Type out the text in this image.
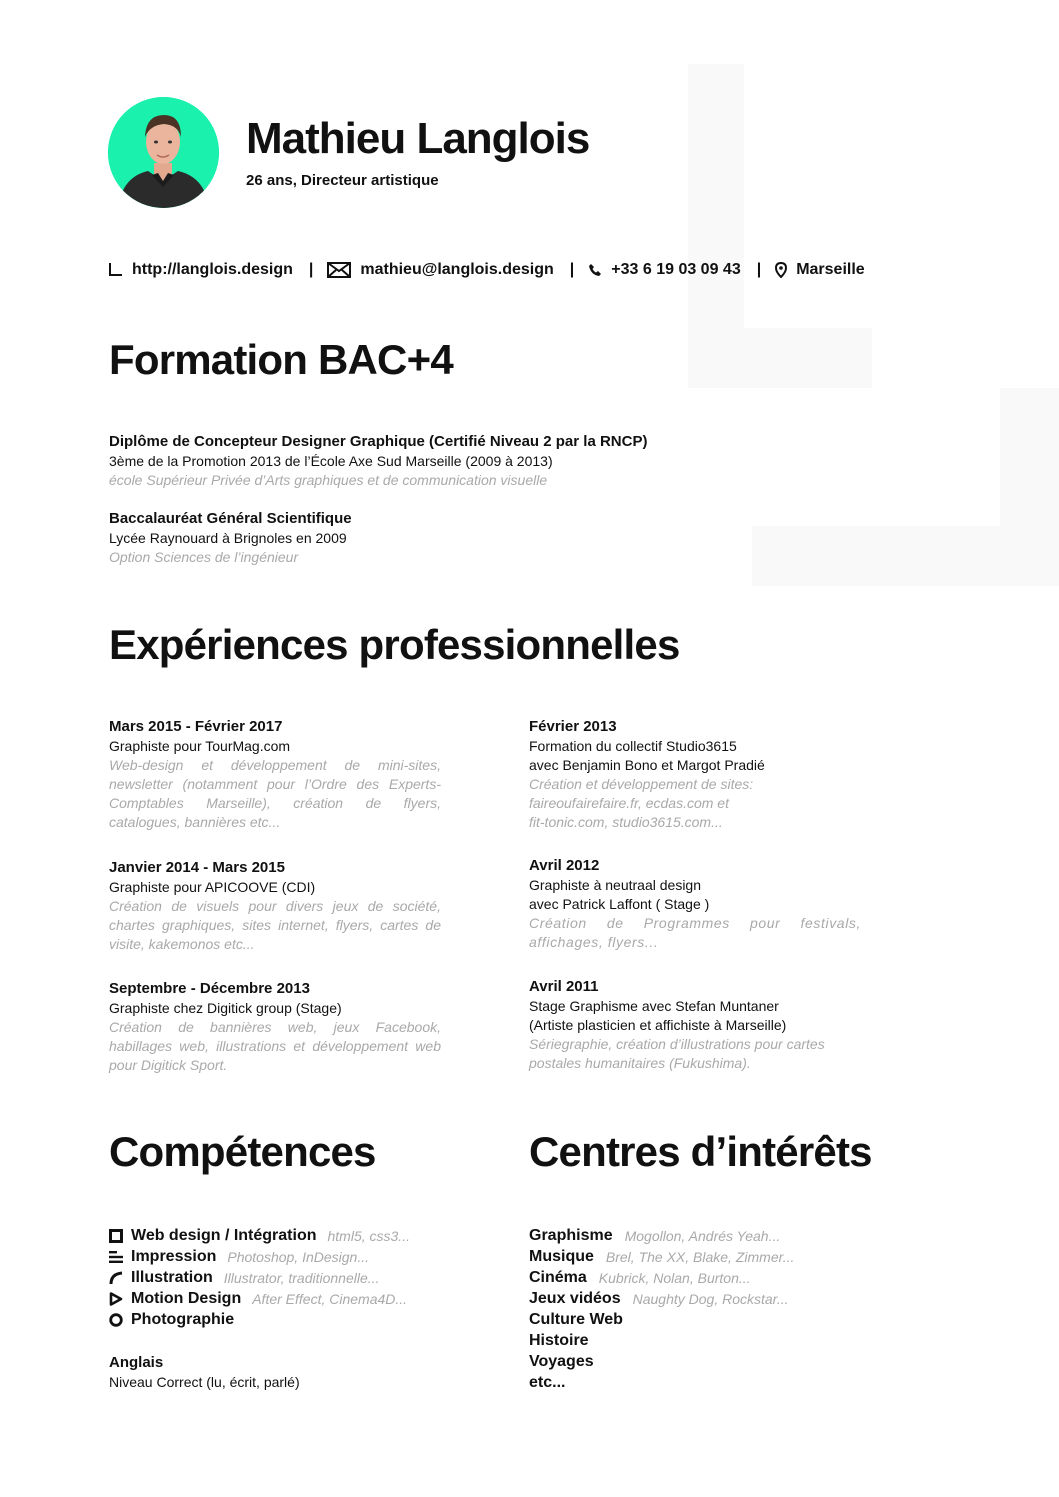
Mathieu Langlois
26 ans, Directeur artistique
http://langlois.design |	mathieu@langlois.design | +33 6 19 03 09 43 | Marseille
Formation BAC+4
Diplôme de Concepteur Designer Graphique (Certifié Niveau 2 par la RNCP)
3ème de la Promotion 2013 de l’École Axe Sud Marseille (2009 à 2013)
école Supérieur Privée d’Arts graphiques et de communication visuelle
Baccalauréat Général Scientifique
Lycée Raynouard à Brignoles en 2009
Option Sciences de l’ingénieur
Expériences professionnelles
Mars 2015 - Février 2017
Graphiste pour TourMag.com
Web-design et développement de mini-sites, newsletter (notamment pour l’Ordre des Experts-Comptables Marseille), création de flyers, catalogues, bannières etc...
Janvier 2014 - Mars 2015
Graphiste pour APICOOVE (CDI)
Création de visuels pour divers jeux de société, chartes graphiques, sites internet, flyers, cartes de visite, kakemonos etc...
Septembre - Décembre 2013
Graphiste chez Digitick group (Stage)
Création de bannières web, jeux Facebook, habillages web, illustrations et développement web pour Digitick Sport.
Février 2013
Formation du collectif Studio3615
avec Benjamin Bono et Margot Pradié
Création et développement de sites:
faireoufairefaire.fr, ecdas.com et
fit-tonic.com, studio3615.com...
Avril 2012
Graphiste à neutraal design
avec Patrick Laffont ( Stage )
Création de Programmes pour festivals, affichages, flyers...
Avril 2011
Stage Graphisme avec Stefan Muntaner
(Artiste plasticien et affichiste à Marseille)
Sériegraphie, création d’illustrations pour cartes
postales humanitaires (Fukushima).
Compétences
Web design / Intégration html5, css3...
Impression Photoshop, InDesign...
Illustration Illustrator, traditionnelle...
Motion Design After Effect, Cinema4D...
Photographie
Anglais
Niveau Correct (lu, écrit, parlé)
Centres d’intérêts
Graphisme Mogollon, Andrés Yeah...
Musique Brel, The XX, Blake, Zimmer...
Cinéma Kubrick, Nolan, Burton...
Jeux vidéos Naughty Dog, Rockstar...
Culture Web
Histoire
Voyages
etc...
